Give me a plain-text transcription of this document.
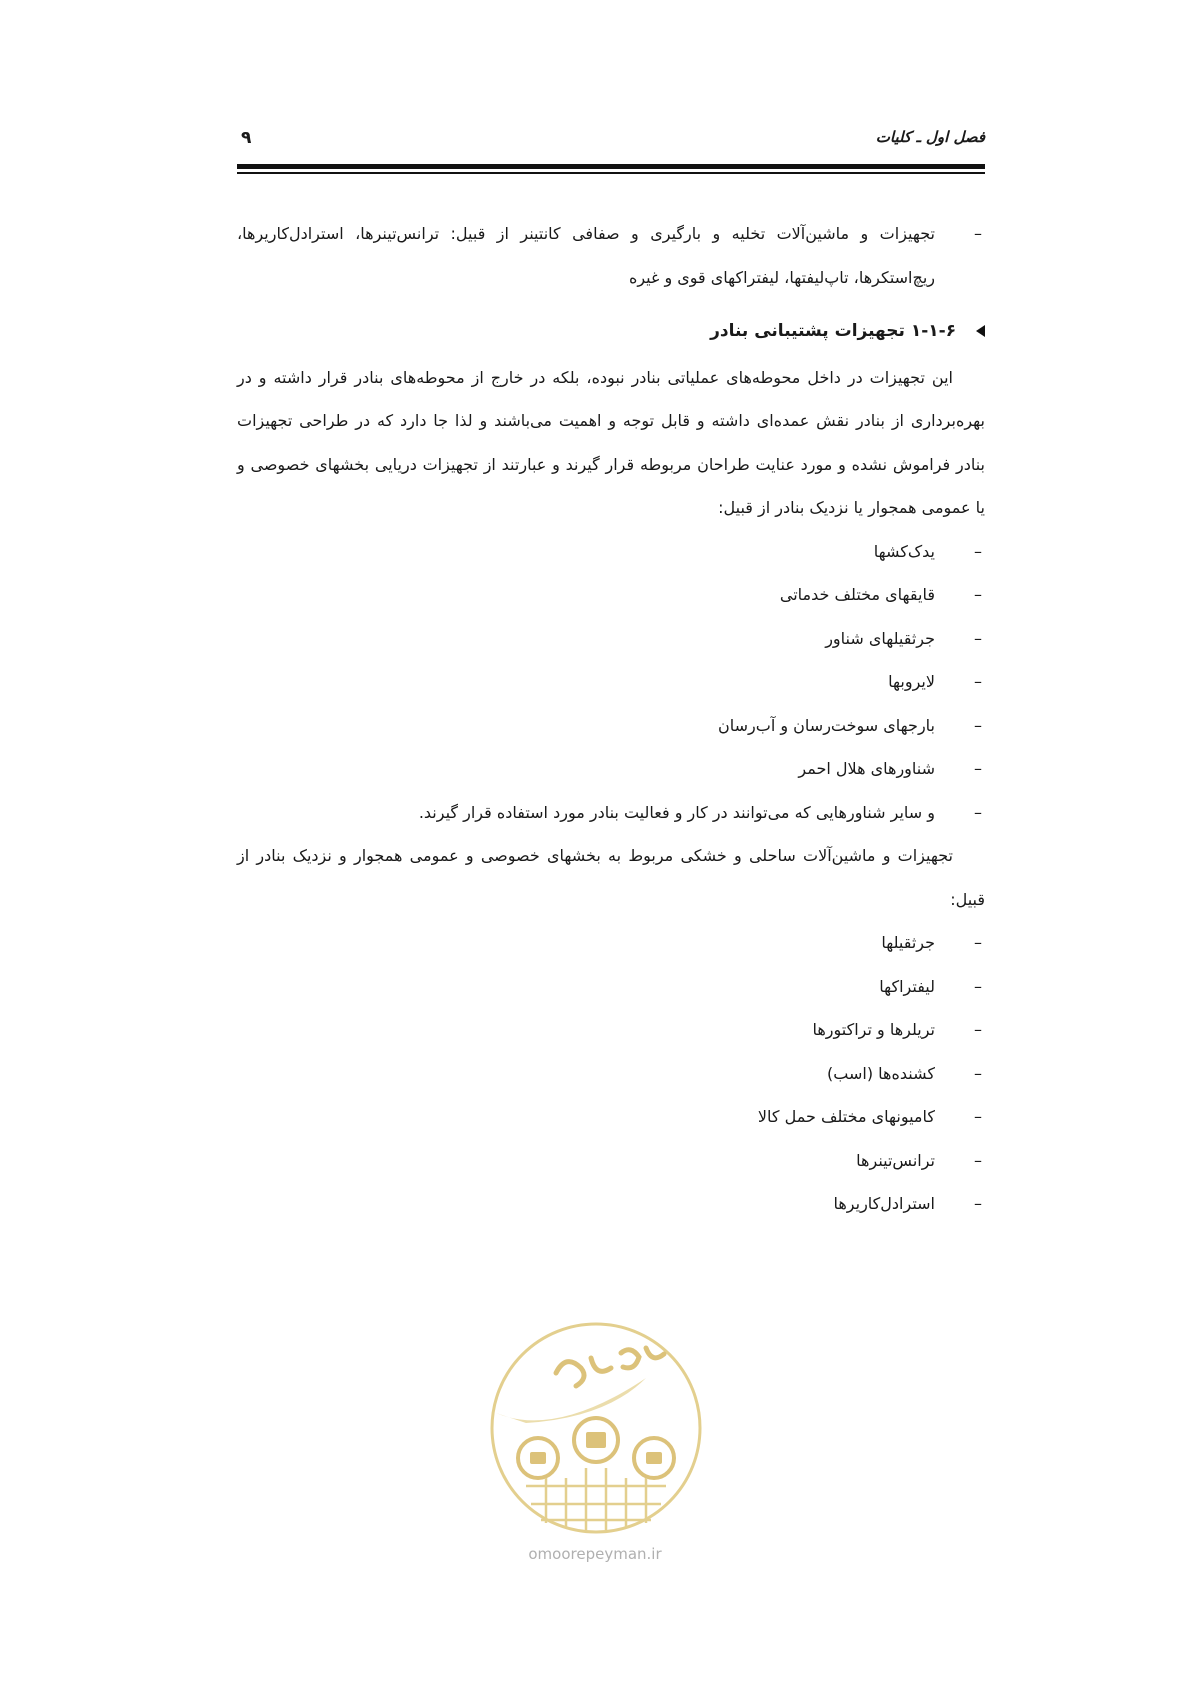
فصل اول ـ کلیات
۹
–
تجهیزات و ماشین‌آلات تخلیه و بارگیری و صفافی کانتینر از قبیل: ترانس‌تینرها، استرادل‌کاریرها، ریچ‌استکرها، تاپ‌لیفتها، لیفتراکهای قوی و غیره
۱-۱-۶ تجهیزات پشتیبانی بنادر

این تجهیزات در داخل محوطه‌های عملیاتی بنادر نبوده، بلکه در خارج از محوطه‌های بنادر قرار داشته و در بهره‌برداری از بنادر نقش عمده‌ای داشته و قابل توجه و اهمیت می‌باشند و لذا جا دارد که در طراحی تجهیزات بنادر فراموش نشده و مورد عنایت طراحان مربوطه قرار گیرند و عبارتند از تجهیزات دریایی بخشهای خصوصی و یا عمومی همجوار یا نزدیک بنادر از قبیل:

–
یدک‌کشها
–
قایقهای مختلف خدماتی
–
جرثقیلهای شناور
–
لایروبها
–
بارجهای سوخت‌رسان و آب‌رسان
–
شناورهای هلال احمر
–
و سایر شناورهایی که می‌توانند در کار و فعالیت بنادر مورد استفاده قرار گیرند.

تجهیزات و ماشین‌آلات ساحلی و خشکی مربوط به بخشهای خصوصی و عمومی همجوار و نزدیک بنادر از قبیل:

–
جرثقیلها
–
لیفتراکها
–
تریلرها و تراکتورها
–
کشنده‌ها (اسب)
–
کامیونهای مختلف حمل کالا
–
ترانس‌تینرها
–
استرادل‌کاریرها
omoorepeyman.ir
